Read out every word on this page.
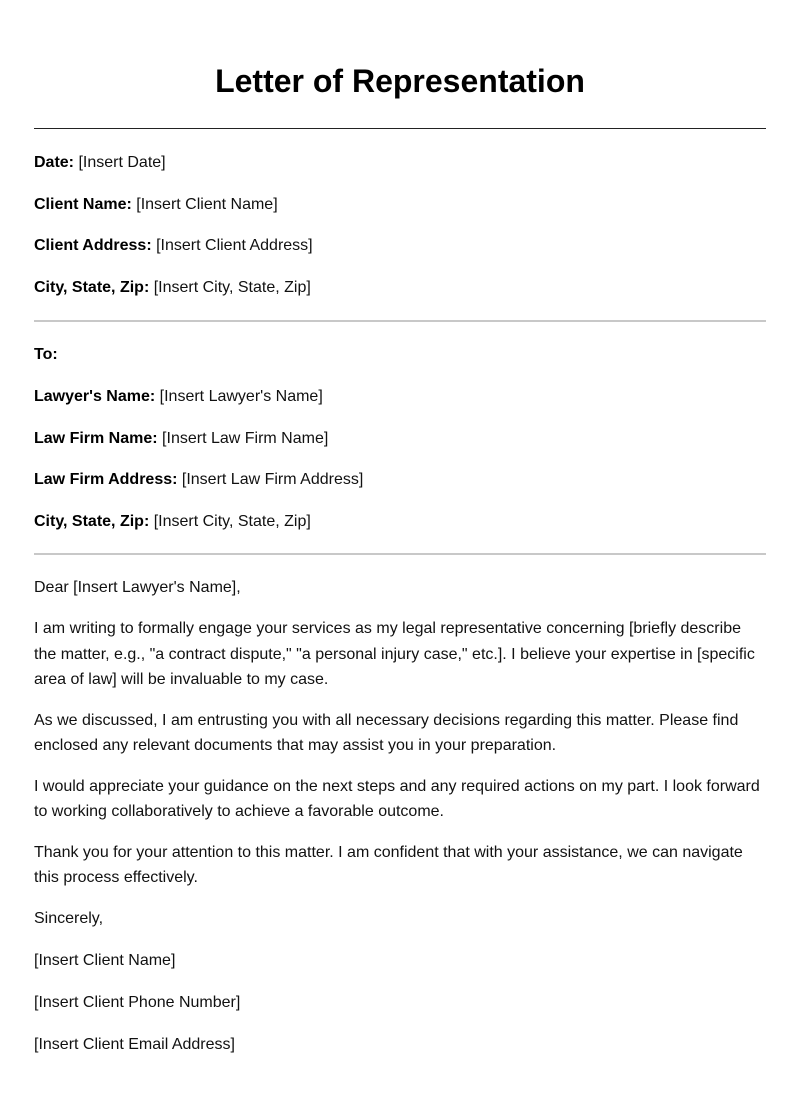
Letter of Representation

Date: [Insert Date]

Client Name: [Insert Client Name]

Client Address: [Insert Client Address]

City, State, Zip: [Insert City, State, Zip]

To:

Lawyer's Name: [Insert Lawyer's Name]

Law Firm Name: [Insert Law Firm Name]

Law Firm Address: [Insert Law Firm Address]

City, State, Zip: [Insert City, State, Zip]

Dear [Insert Lawyer's Name],

I am writing to formally engage your services as my legal representative concerning [briefly describe the matter, e.g., "a contract dispute," "a personal injury case," etc.]. I believe your expertise in [specific area of law] will be invaluable to my case.

As we discussed, I am entrusting you with all necessary decisions regarding this matter. Please find enclosed any relevant documents that may assist you in your preparation.

I would appreciate your guidance on the next steps and any required actions on my part. I look forward to working collaboratively to achieve a favorable outcome.

Thank you for your attention to this matter. I am confident that with your assistance, we can navigate this process effectively.

Sincerely,

[Insert Client Name]

[Insert Client Phone Number]

[Insert Client Email Address]
